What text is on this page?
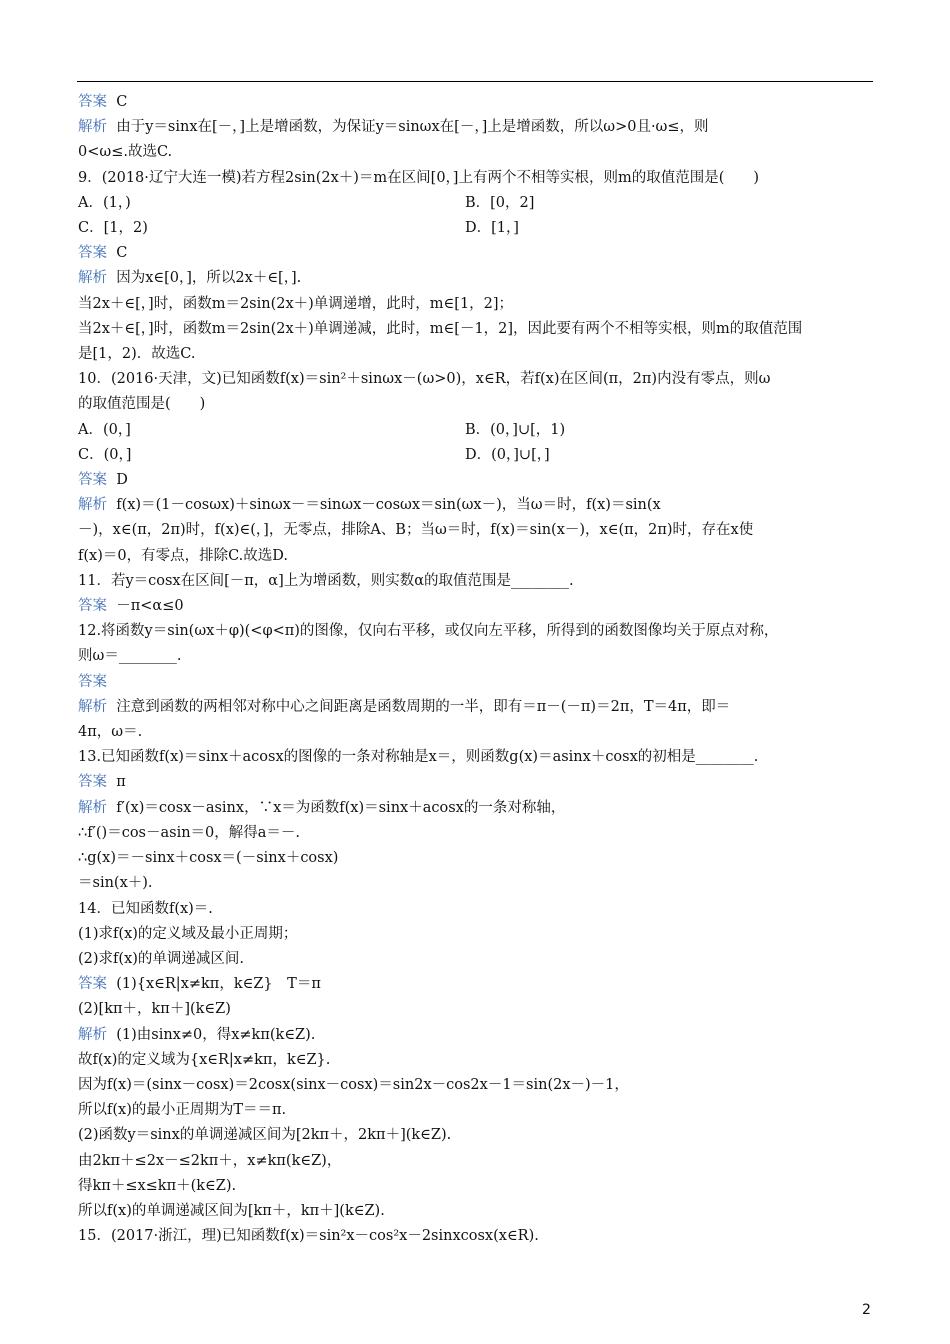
答案  C
解析  由于y＝sinx在[－，]上是增函数，为保证y＝sinωx在[－，]上是增函数，所以ω>0且·ω≤，则
0<ω≤.故选C.
9．(2018·辽宁大连一模)若方程2sin(2x＋)＝m在区间[0，]上有两个不相等实根，则m的取值范围是(　　)
A．(1，)	B．[0，2]
C．[1，2)	D．[1，]
答案  C
解析  因为x∈[0，]，所以2x＋∈[，].
当2x＋∈[，]时，函数m＝2sin(2x＋)单调递增，此时，m∈[1，2]；
当2x＋∈[，]时，函数m＝2sin(2x＋)单调递减，此时，m∈[－1，2]，因此要有两个不相等实根，则m的取值范围
是[1，2)．故选C.
10．(2016·天津，文)已知函数f(x)＝sin²＋sinωx－(ω>0)，x∈R，若f(x)在区间(π，2π)内没有零点，则ω
的取值范围是(　　)
A．(0，]	B．(0，]∪[，1)
C．(0，]	D．(0，]∪[，]
答案  D
解析  f(x)＝(1－cosωx)＋sinωx－＝sinωx－cosωx＝sin(ωx－)，当ω＝时，f(x)＝sin(x
－)，x∈(π，2π)时，f(x)∈(，]，无零点，排除A、B；当ω＝时，f(x)＝sin(x－)，x∈(π，2π)时，存在x使
f(x)＝0，有零点，排除C.故选D.
11．若y＝cosx在区间[－π，α]上为增函数，则实数α的取值范围是________.
答案  －π<α≤0
12.将函数y＝sin(ωx＋φ)(<φ<π)的图像，仅向右平移，或仅向左平移，所得到的函数图像均关于原点对称，
则ω＝________.
答案
解析  注意到函数的两相邻对称中心之间距离是函数周期的一半，即有＝π－(－π)＝2π，T＝4π，即＝
4π，ω＝.
13.已知函数f(x)＝sinx＋acosx的图像的一条对称轴是x＝，则函数g(x)＝asinx＋cosx的初相是________.
答案  π
解析  f′(x)＝cosx－asinx，∵x＝为函数f(x)＝sinx＋acosx的一条对称轴，
∴f′()＝cos－asin＝0，解得a＝－.
∴g(x)＝－sinx＋cosx＝(－sinx＋cosx)
＝sin(x＋).
14．已知函数f(x)＝.
(1)求f(x)的定义域及最小正周期；
(2)求f(x)的单调递减区间.
答案  (1){x∈R|x≠kπ，k∈Z}　T＝π
(2)[kπ＋，kπ＋](k∈Z)
解析  (1)由sinx≠0，得x≠kπ(k∈Z).
故f(x)的定义域为{x∈R|x≠kπ，k∈Z}.
因为f(x)＝(sinx－cosx)＝2cosx(sinx－cosx)＝sin2x－cos2x－1＝sin(2x－)－1，
所以f(x)的最小正周期为T＝＝π.
(2)函数y＝sinx的单调递减区间为[2kπ＋，2kπ＋](k∈Z).
由2kπ＋≤2x－≤2kπ＋，x≠kπ(k∈Z)，
得kπ＋≤x≤kπ＋(k∈Z).
所以f(x)的单调递减区间为[kπ＋，kπ＋](k∈Z).
15．(2017·浙江，理)已知函数f(x)＝sin²x－cos²x－2sinxcosx(x∈R).
2
